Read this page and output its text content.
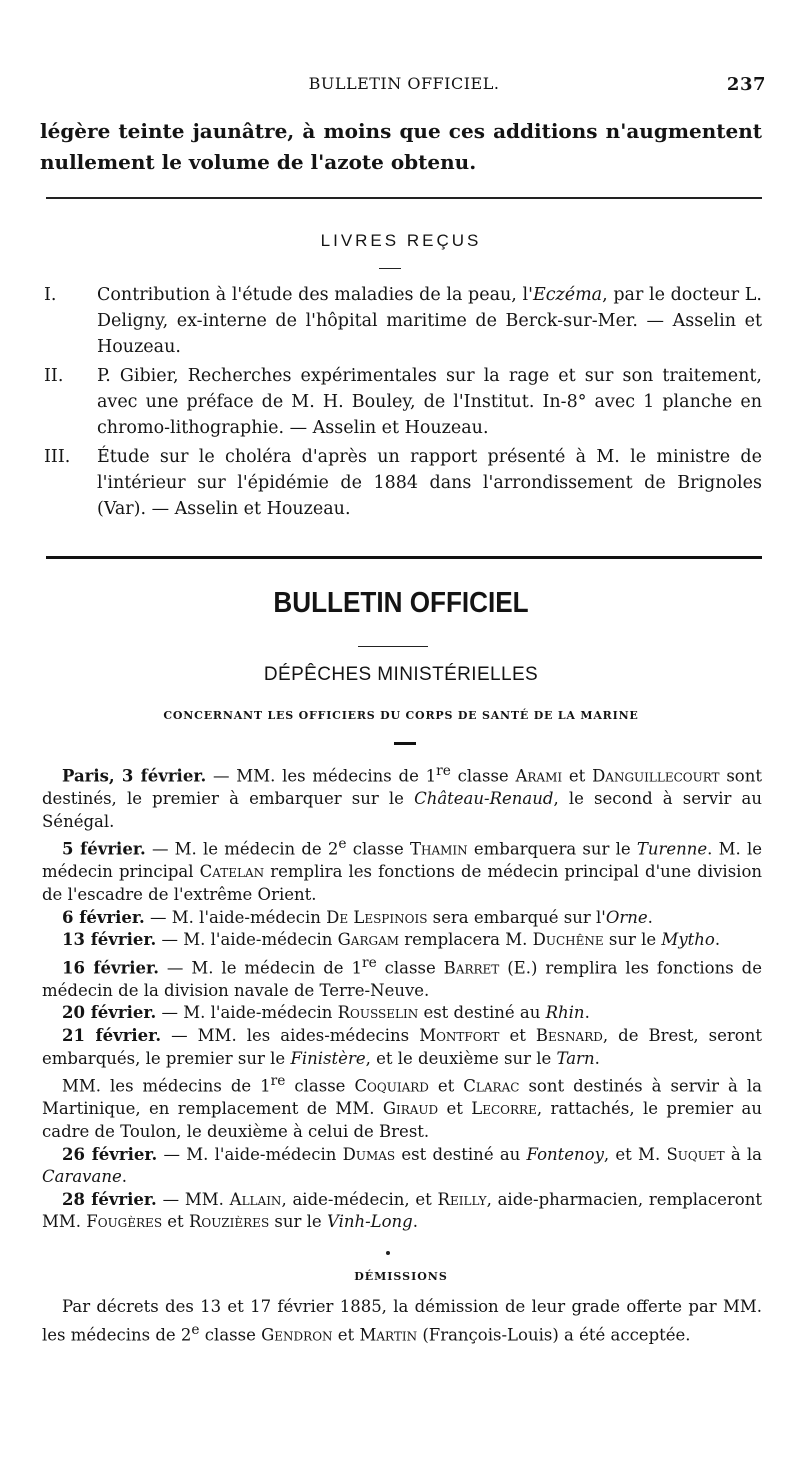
BULLETIN OFFICIEL.	237
légère teinte jaunâtre, à moins que ces additions n'augmentent nullement le volume de l'azote obtenu.
LIVRES REÇUS
I.	Contribution à l'étude des maladies de la peau, l'Eczéma, par le docteur L. Deligny, ex-interne de l'hôpital maritime de Berck-sur-Mer. — Asselin et Houzeau.
II.	P. Gibier, Recherches expérimentales sur la rage et sur son traitement, avec une préface de M. H. Bouley, de l'Institut. In-8° avec 1 planche en chromo-lithographie. — Asselin et Houzeau.
III.	Étude sur le choléra d'après un rapport présenté à M. le ministre de l'intérieur sur l'épidémie de 1884 dans l'arrondissement de Brignoles (Var). — Asselin et Houzeau.
BULLETIN OFFICIEL
DÉPÊCHES MINISTÉRIELLES
CONCERNANT LES OFFICIERS DU CORPS DE SANTÉ DE LA MARINE

Paris, 3 février. — MM. les médecins de 1re classe Arami et Danguillecourt sont destinés, le premier à embarquer sur le Château-Renaud, le second à servir au Sénégal.

5 février. — M. le médecin de 2e classe Thamin embarquera sur le Turenne. M. le médecin principal Catelan remplira les fonctions de médecin principal d'une division de l'escadre de l'extrême Orient.

6 février. — M. l'aide-médecin De Lespinois sera embarqué sur l'Orne.

13 février. — M. l'aide-médecin Gargam remplacera M. Duchêne sur le Mytho.

16 février. — M. le médecin de 1re classe Barret (E.) remplira les fonctions de médecin de la division navale de Terre-Neuve.

20 février. — M. l'aide-médecin Rousselin est destiné au Rhin.

21 février. — MM. les aides-médecins Montfort et Besnard, de Brest, seront embarqués, le premier sur le Finistère, et le deuxième sur le Tarn.

MM. les médecins de 1re classe Coquiard et Clarac sont destinés à servir à la Martinique, en remplacement de MM. Giraud et Lecorre, rattachés, le premier au cadre de Toulon, le deuxième à celui de Brest.

26 février. — M. l'aide-médecin Dumas est destiné au Fontenoy, et M. Suquet à la Caravane.

28 février. — MM. Allain, aide-médecin, et Reilly, aide-pharmacien, remplaceront MM. Fougères et Rouzières sur le Vinh-Long.

DÉMISSIONS
Par décrets des 13 et 17 février 1885, la démission de leur grade offerte par MM. les médecins de 2e classe Gendron et Martin (François-Louis) a été acceptée.
